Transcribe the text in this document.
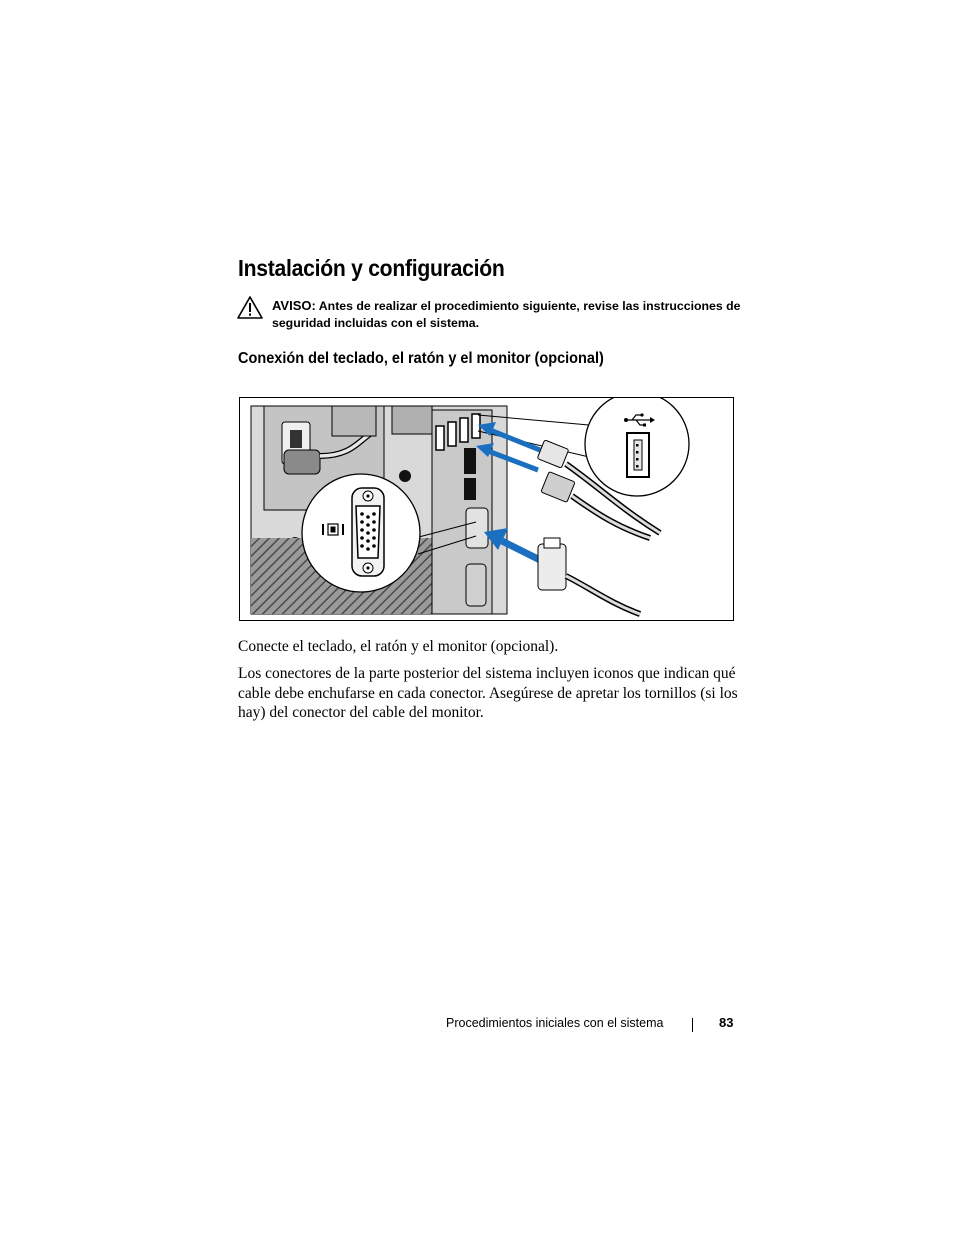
Instalación y configuración
AVISO: Antes de realizar el procedimiento siguiente, revise las instrucciones de seguridad incluidas con el sistema.
Conexión del teclado, el ratón y el monitor (opcional)
Conecte el teclado, el ratón y el monitor (opcional).
Los conectores de la parte posterior del sistema incluyen iconos que indican qué cable debe enchufarse en cada conector. Asegúrese de apretar los tornillos (si los hay) del conector del cable del monitor.
Procedimientos iniciales con el sistema	83
